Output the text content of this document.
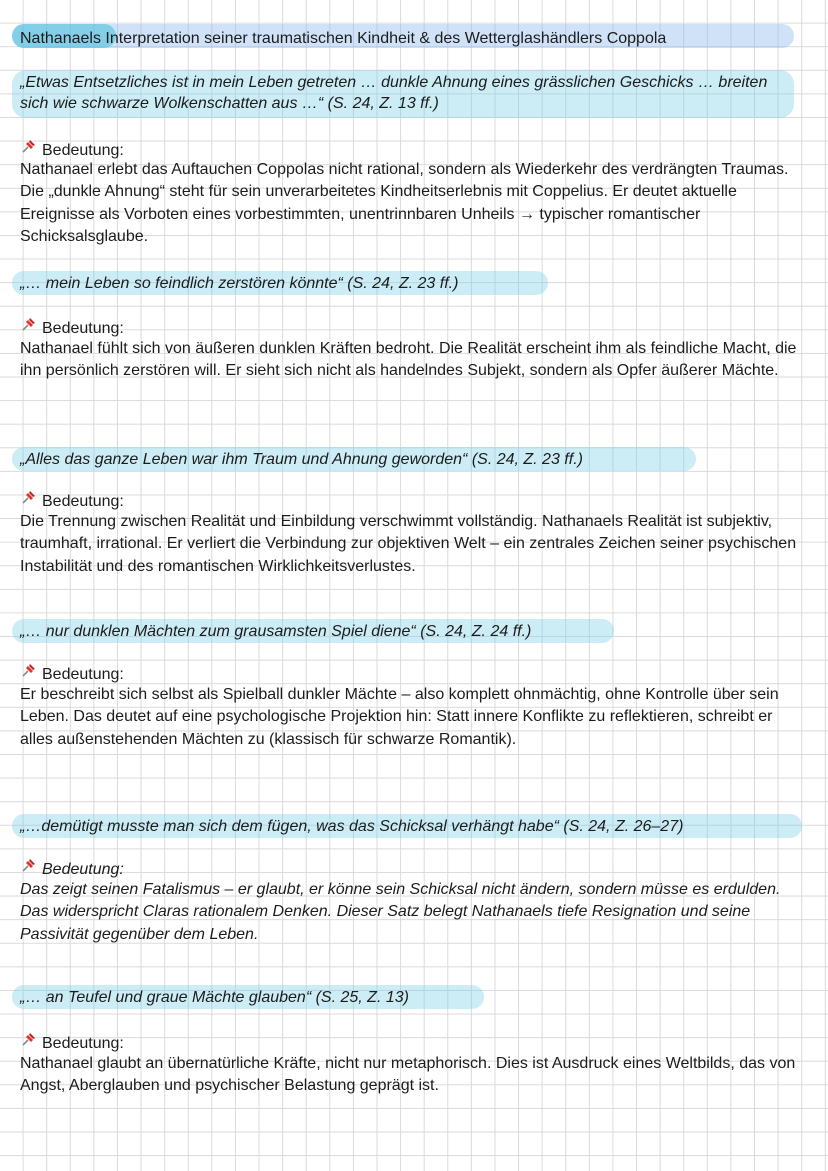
Nathanaels Interpretation seiner traumatischen Kindheit & des Wetterglashändlers Coppola
„Etwas Entsetzliches ist in mein Leben getreten … dunkle Ahnung eines grässlichen Geschicks … breiten sich wie schwarze Wolkenschatten aus …“ (S. 24, Z. 13 ff.)
Bedeutung:
Nathanael erlebt das Auftauchen Coppolas nicht rational, sondern als Wiederkehr des verdrängten Traumas. Die „dunkle Ahnung“ steht für sein unverarbeitetes Kindheitserlebnis mit Coppelius. Er deutet aktuelle Ereignisse als Vorboten eines vorbestimmten, unentrinnbaren Unheils → typischer romantischer Schicksalsglaube.
„… mein Leben so feindlich zerstören könnte“ (S. 24, Z. 23 ff.)
Bedeutung:
Nathanael fühlt sich von äußeren dunklen Kräften bedroht. Die Realität erscheint ihm als feindliche Macht, die ihn persönlich zerstören will. Er sieht sich nicht als handelndes Subjekt, sondern als Opfer äußerer Mächte.
„Alles das ganze Leben war ihm Traum und Ahnung geworden“ (S. 24, Z. 23 ff.)
Bedeutung:
Die Trennung zwischen Realität und Einbildung verschwimmt vollständig. Nathanaels Realität ist subjektiv, traumhaft, irrational. Er verliert die Verbindung zur objektiven Welt – ein zentrales Zeichen seiner psychischen Instabilität und des romantischen Wirklichkeitsverlustes.
„… nur dunklen Mächten zum grausamsten Spiel diene“ (S. 24, Z. 24 ff.)
Bedeutung:
Er beschreibt sich selbst als Spielball dunkler Mächte – also komplett ohnmächtig, ohne Kontrolle über sein Leben. Das deutet auf eine psychologische Projektion hin: Statt innere Konflikte zu reflektieren, schreibt er alles außenstehenden Mächten zu (klassisch für schwarze Romantik).
„…demütigt musste man sich dem fügen, was das Schicksal verhängt habe“ (S. 24, Z. 26–27)
Bedeutung:
Das zeigt seinen Fatalismus – er glaubt, er könne sein Schicksal nicht ändern, sondern müsse es erdulden. Das widerspricht Claras rationalem Denken. Dieser Satz belegt Nathanaels tiefe Resignation und seine Passivität gegenüber dem Leben.
„… an Teufel und graue Mächte glauben“ (S. 25, Z. 13)
Bedeutung:
Nathanael glaubt an übernatürliche Kräfte, nicht nur metaphorisch. Dies ist Ausdruck eines Weltbilds, das von Angst, Aberglauben und psychischer Belastung geprägt ist.
